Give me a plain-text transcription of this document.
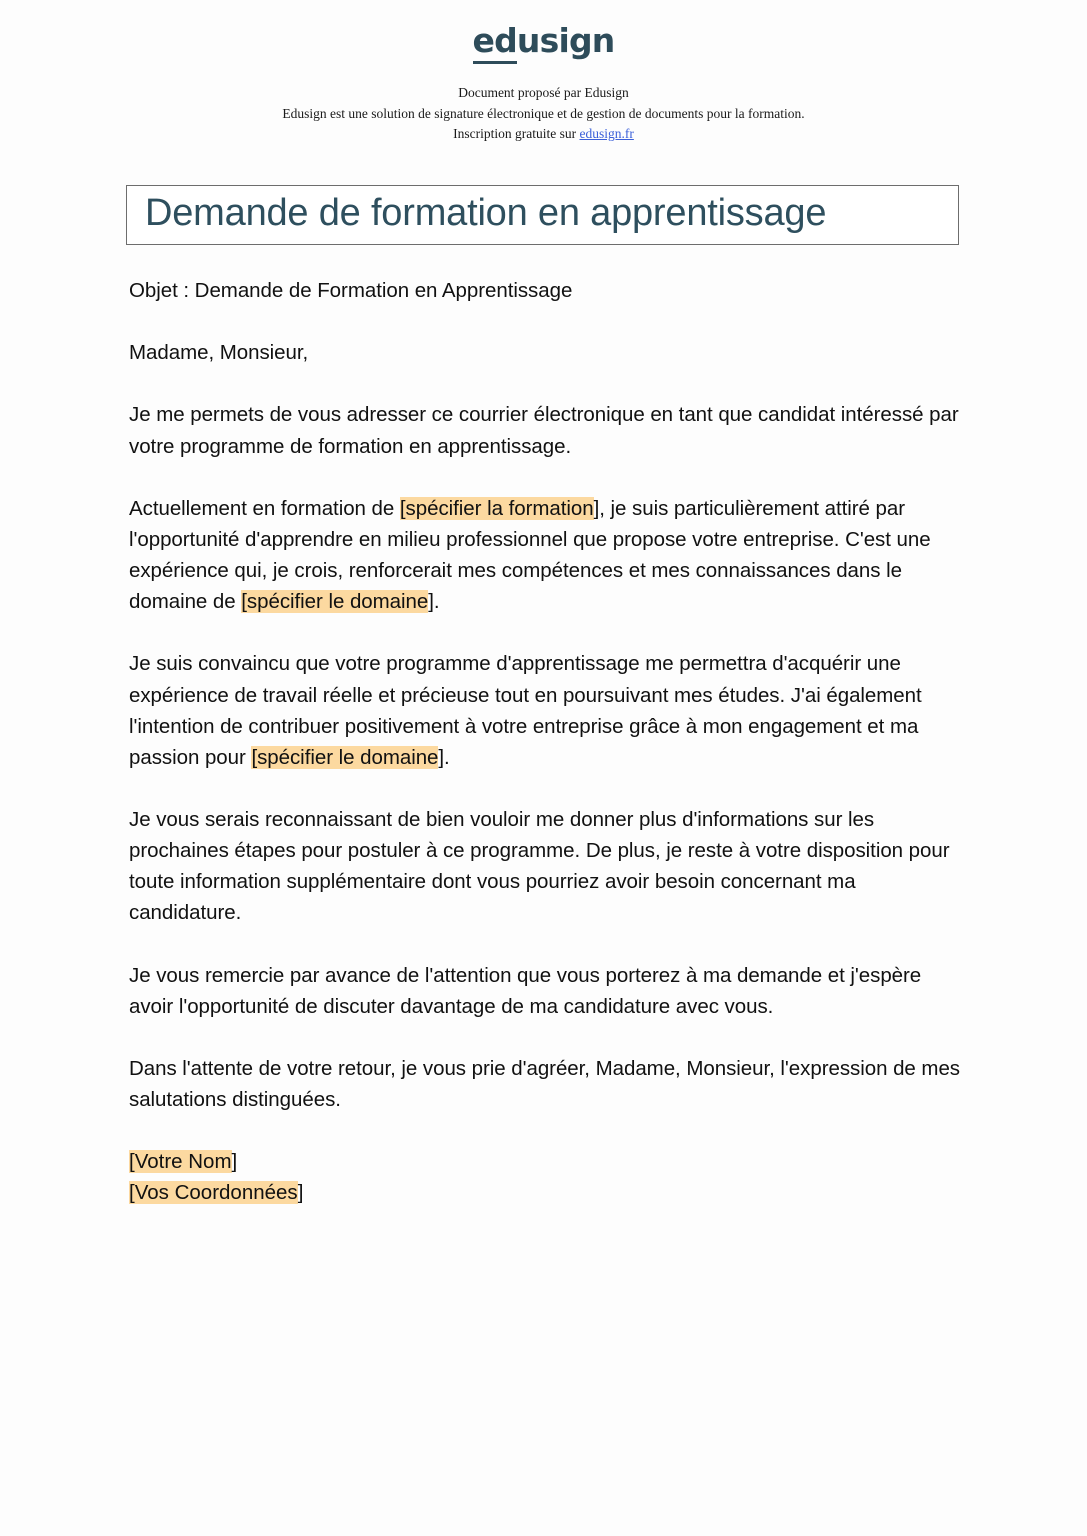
edusign
Document proposé par Edusign
Edusign est une solution de signature électronique et de gestion de documents pour la formation.
Inscription gratuite sur edusign.fr
Demande de formation en apprentissage

Objet : Demande de Formation en Apprentissage

Madame, Monsieur,

Je me permets de vous adresser ce courrier électronique en tant que candidat intéressé par votre programme de formation en apprentissage.

Actuellement en formation de [spécifier la formation], je suis particulièrement attiré par l'opportunité d'apprendre en milieu professionnel que propose votre entreprise. C'est une expérience qui, je crois, renforcerait mes compétences et mes connaissances dans le domaine de [spécifier le domaine].

Je suis convaincu que votre programme d'apprentissage me permettra d'acquérir une expérience de travail réelle et précieuse tout en poursuivant mes études. J'ai également l'intention de contribuer positivement à votre entreprise grâce à mon engagement et ma passion pour [spécifier le domaine].

Je vous serais reconnaissant de bien vouloir me donner plus d'informations sur les prochaines étapes pour postuler à ce programme. De plus, je reste à votre disposition pour toute information supplémentaire dont vous pourriez avoir besoin concernant ma candidature.

Je vous remercie par avance de l'attention que vous porterez à ma demande et j'espère avoir l'opportunité de discuter davantage de ma candidature avec vous.

Dans l'attente de votre retour, je vous prie d'agréer, Madame, Monsieur, l'expression de mes salutations distinguées.

[Votre Nom]

[Vos Coordonnées]
